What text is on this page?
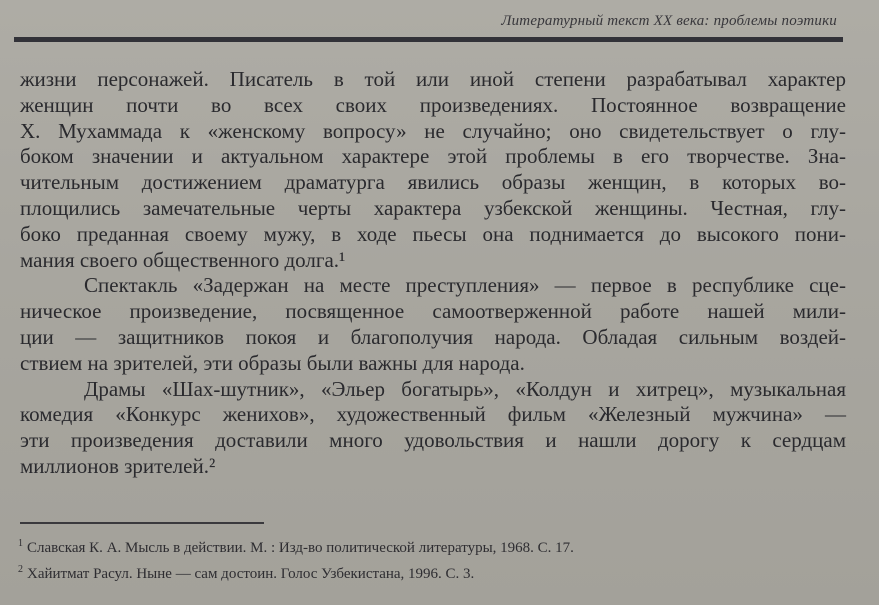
Литературный текст XX века: проблемы поэтики
жизни персонажей. Писатель в той или иной степени разрабатывал характер
женщин почти во всех своих произведениях. Постоянное возвращение
Х. Мухаммада к «женскому вопросу» не случайно; оно свидетельствует о глу-
боком значении и актуальном характере этой проблемы в его творчестве. Зна-
чительным достижением драматурга явились образы женщин, в которых во-
площились замечательные черты характера узбекской женщины. Честная, глу-
боко преданная своему мужу, в ходе пьесы она поднимается до высокого пони-
мания своего общественного долга.¹
Спектакль «Задержан на месте преступления» — первое в республике сце-
ническое произведение, посвященное самоотверженной работе нашей мили-
ции — защитников покоя и благополучия народа. Обладая сильным воздей-
ствием на зрителей, эти образы были важны для народа.
Драмы «Шах-шутник», «Эльер богатырь», «Колдун и хитрец», музыкальная
комедия «Конкурс женихов», художественный фильм «Железный мужчина» —
эти произведения доставили много удовольствия и нашли дорогу к сердцам
миллионов зрителей.²
$^1$ Славская К. А. Мысль в действии. М. : Изд-во политической литературы, 1968. С. 17.
$^2$ Хайитмат Расул. Ныне — сам достоин. Голос Узбекистана, 1996. С. 3.
